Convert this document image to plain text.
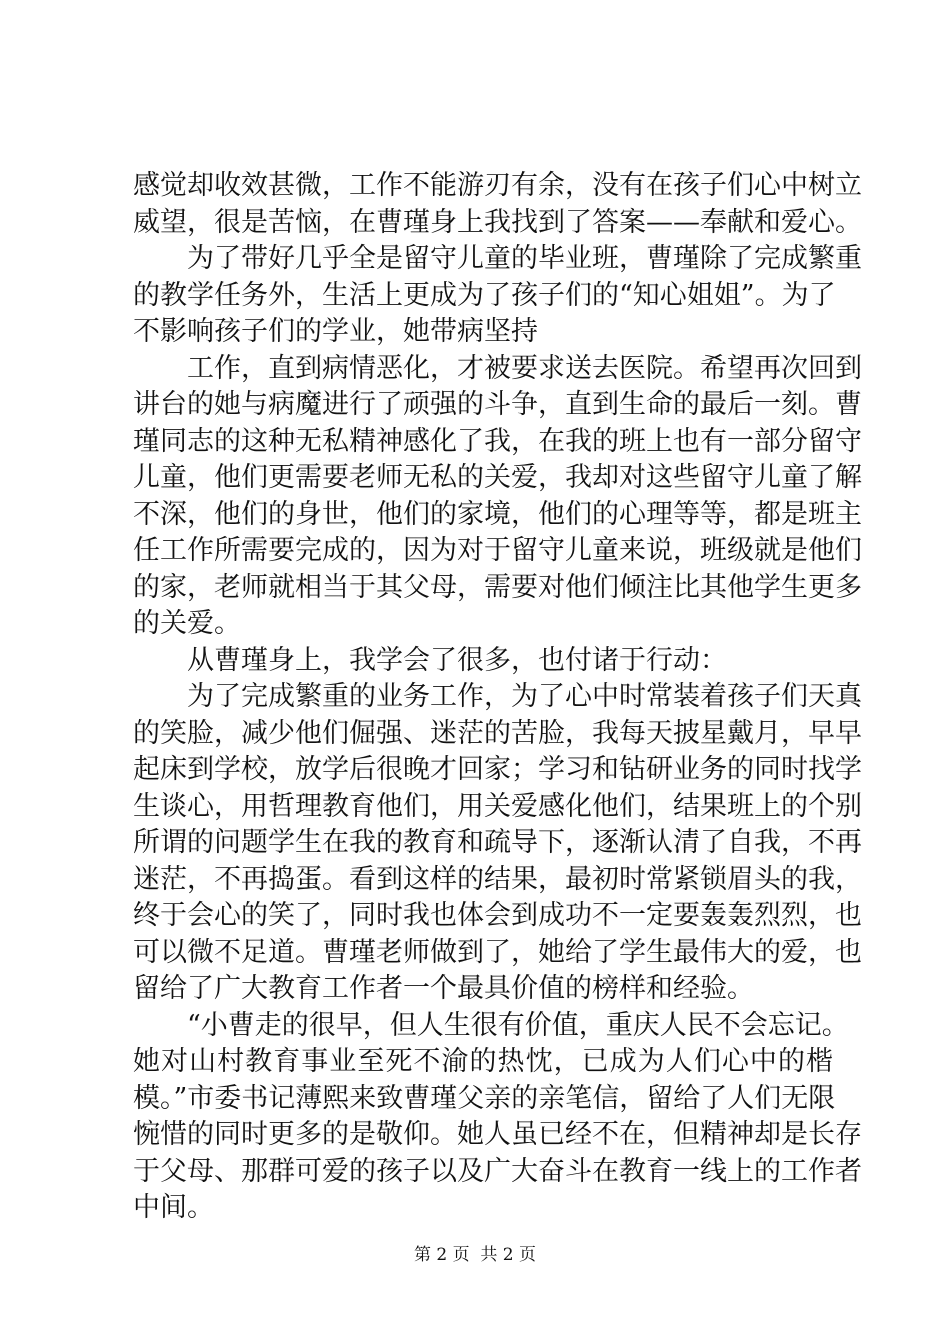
感觉却收效甚微，工作不能游刃有余，没有在孩子们心中树立
威望，很是苦恼，在曹瑾身上我找到了答案——奉献和爱心。
为了带好几乎全是留守儿童的毕业班，曹瑾除了完成繁重
的教学任务外，生活上更成为了孩子们的“知心姐姐”。为了
不影响孩子们的学业，她带病坚持
工作，直到病情恶化，才被要求送去医院。希望再次回到
讲台的她与病魔进行了顽强的斗争，直到生命的最后一刻。曹
瑾同志的这种无私精神感化了我，在我的班上也有一部分留守
儿童，他们更需要老师无私的关爱，我却对这些留守儿童了解
不深，他们的身世，他们的家境，他们的心理等等，都是班主
任工作所需要完成的，因为对于留守儿童来说，班级就是他们
的家，老师就相当于其父母，需要对他们倾注比其他学生更多
的关爱。
从曹瑾身上，我学会了很多，也付诸于行动：
为了完成繁重的业务工作，为了心中时常装着孩子们天真
的笑脸，减少他们倔强、迷茫的苦脸，我每天披星戴月，早早
起床到学校，放学后很晚才回家；学习和钻研业务的同时找学
生谈心，用哲理教育他们，用关爱感化他们，结果班上的个别
所谓的问题学生在我的教育和疏导下，逐渐认清了自我，不再
迷茫，不再捣蛋。看到这样的结果，最初时常紧锁眉头的我，
终于会心的笑了，同时我也体会到成功不一定要轰轰烈烈，也
可以微不足道。曹瑾老师做到了，她给了学生最伟大的爱，也
留给了广大教育工作者一个最具价值的榜样和经验。
“小曹走的很早，但人生很有价值，重庆人民不会忘记。
她对山村教育事业至死不渝的热忱，已成为人们心中的楷
模。”市委书记薄熙来致曹瑾父亲的亲笔信，留给了人们无限
惋惜的同时更多的是敬仰。她人虽已经不在，但精神却是长存
于父母、那群可爱的孩子以及广大奋斗在教育一线上的工作者
中间。
第 2 页  共 2 页
